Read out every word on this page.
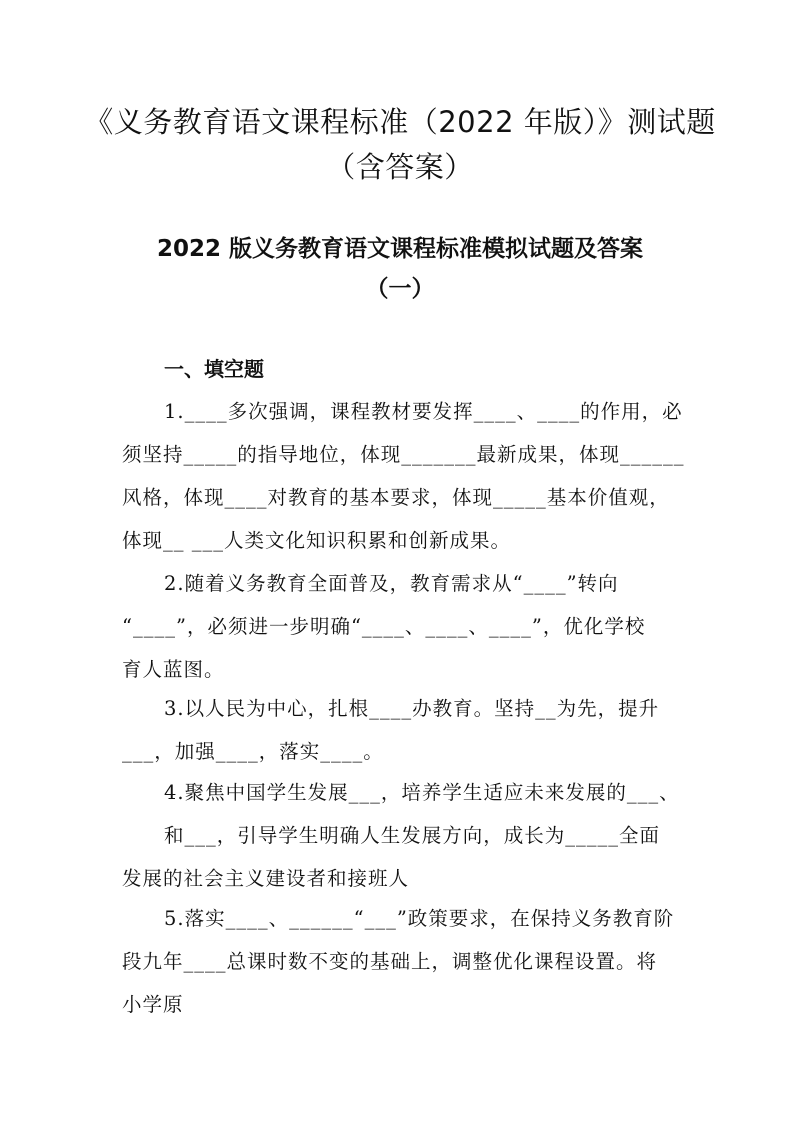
《义务教育语文课程标准（2022 年版）》测试题
（含答案）
2022 版义务教育语文课程标准模拟试题及答案
（一）
一、填空题
1.____多次强调，课程教材要发挥____、____的作用，必
须坚持_____的指导地位，体现_______最新成果，体现______
风格，体现____对教育的基本要求，体现_____基本价值观，
体现__ ___人类文化知识积累和创新成果。
2.随着义务教育全面普及，教育需求从“____”转向
“____”，必须进一步明确“____、____、____”，优化学校
育人蓝图。
3.以人民为中心，扎根____办教育。坚持__为先，提升
___，加强____，落实____。
4.聚焦中国学生发展___，培养学生适应未来发展的___、
和___，引导学生明确人生发展方向，成长为_____全面
发展的社会主义建设者和接班人
5.落实____、______“___”政策要求，在保持义务教育阶
段九年____总课时数不变的基础上，调整优化课程设置。将
小学原
